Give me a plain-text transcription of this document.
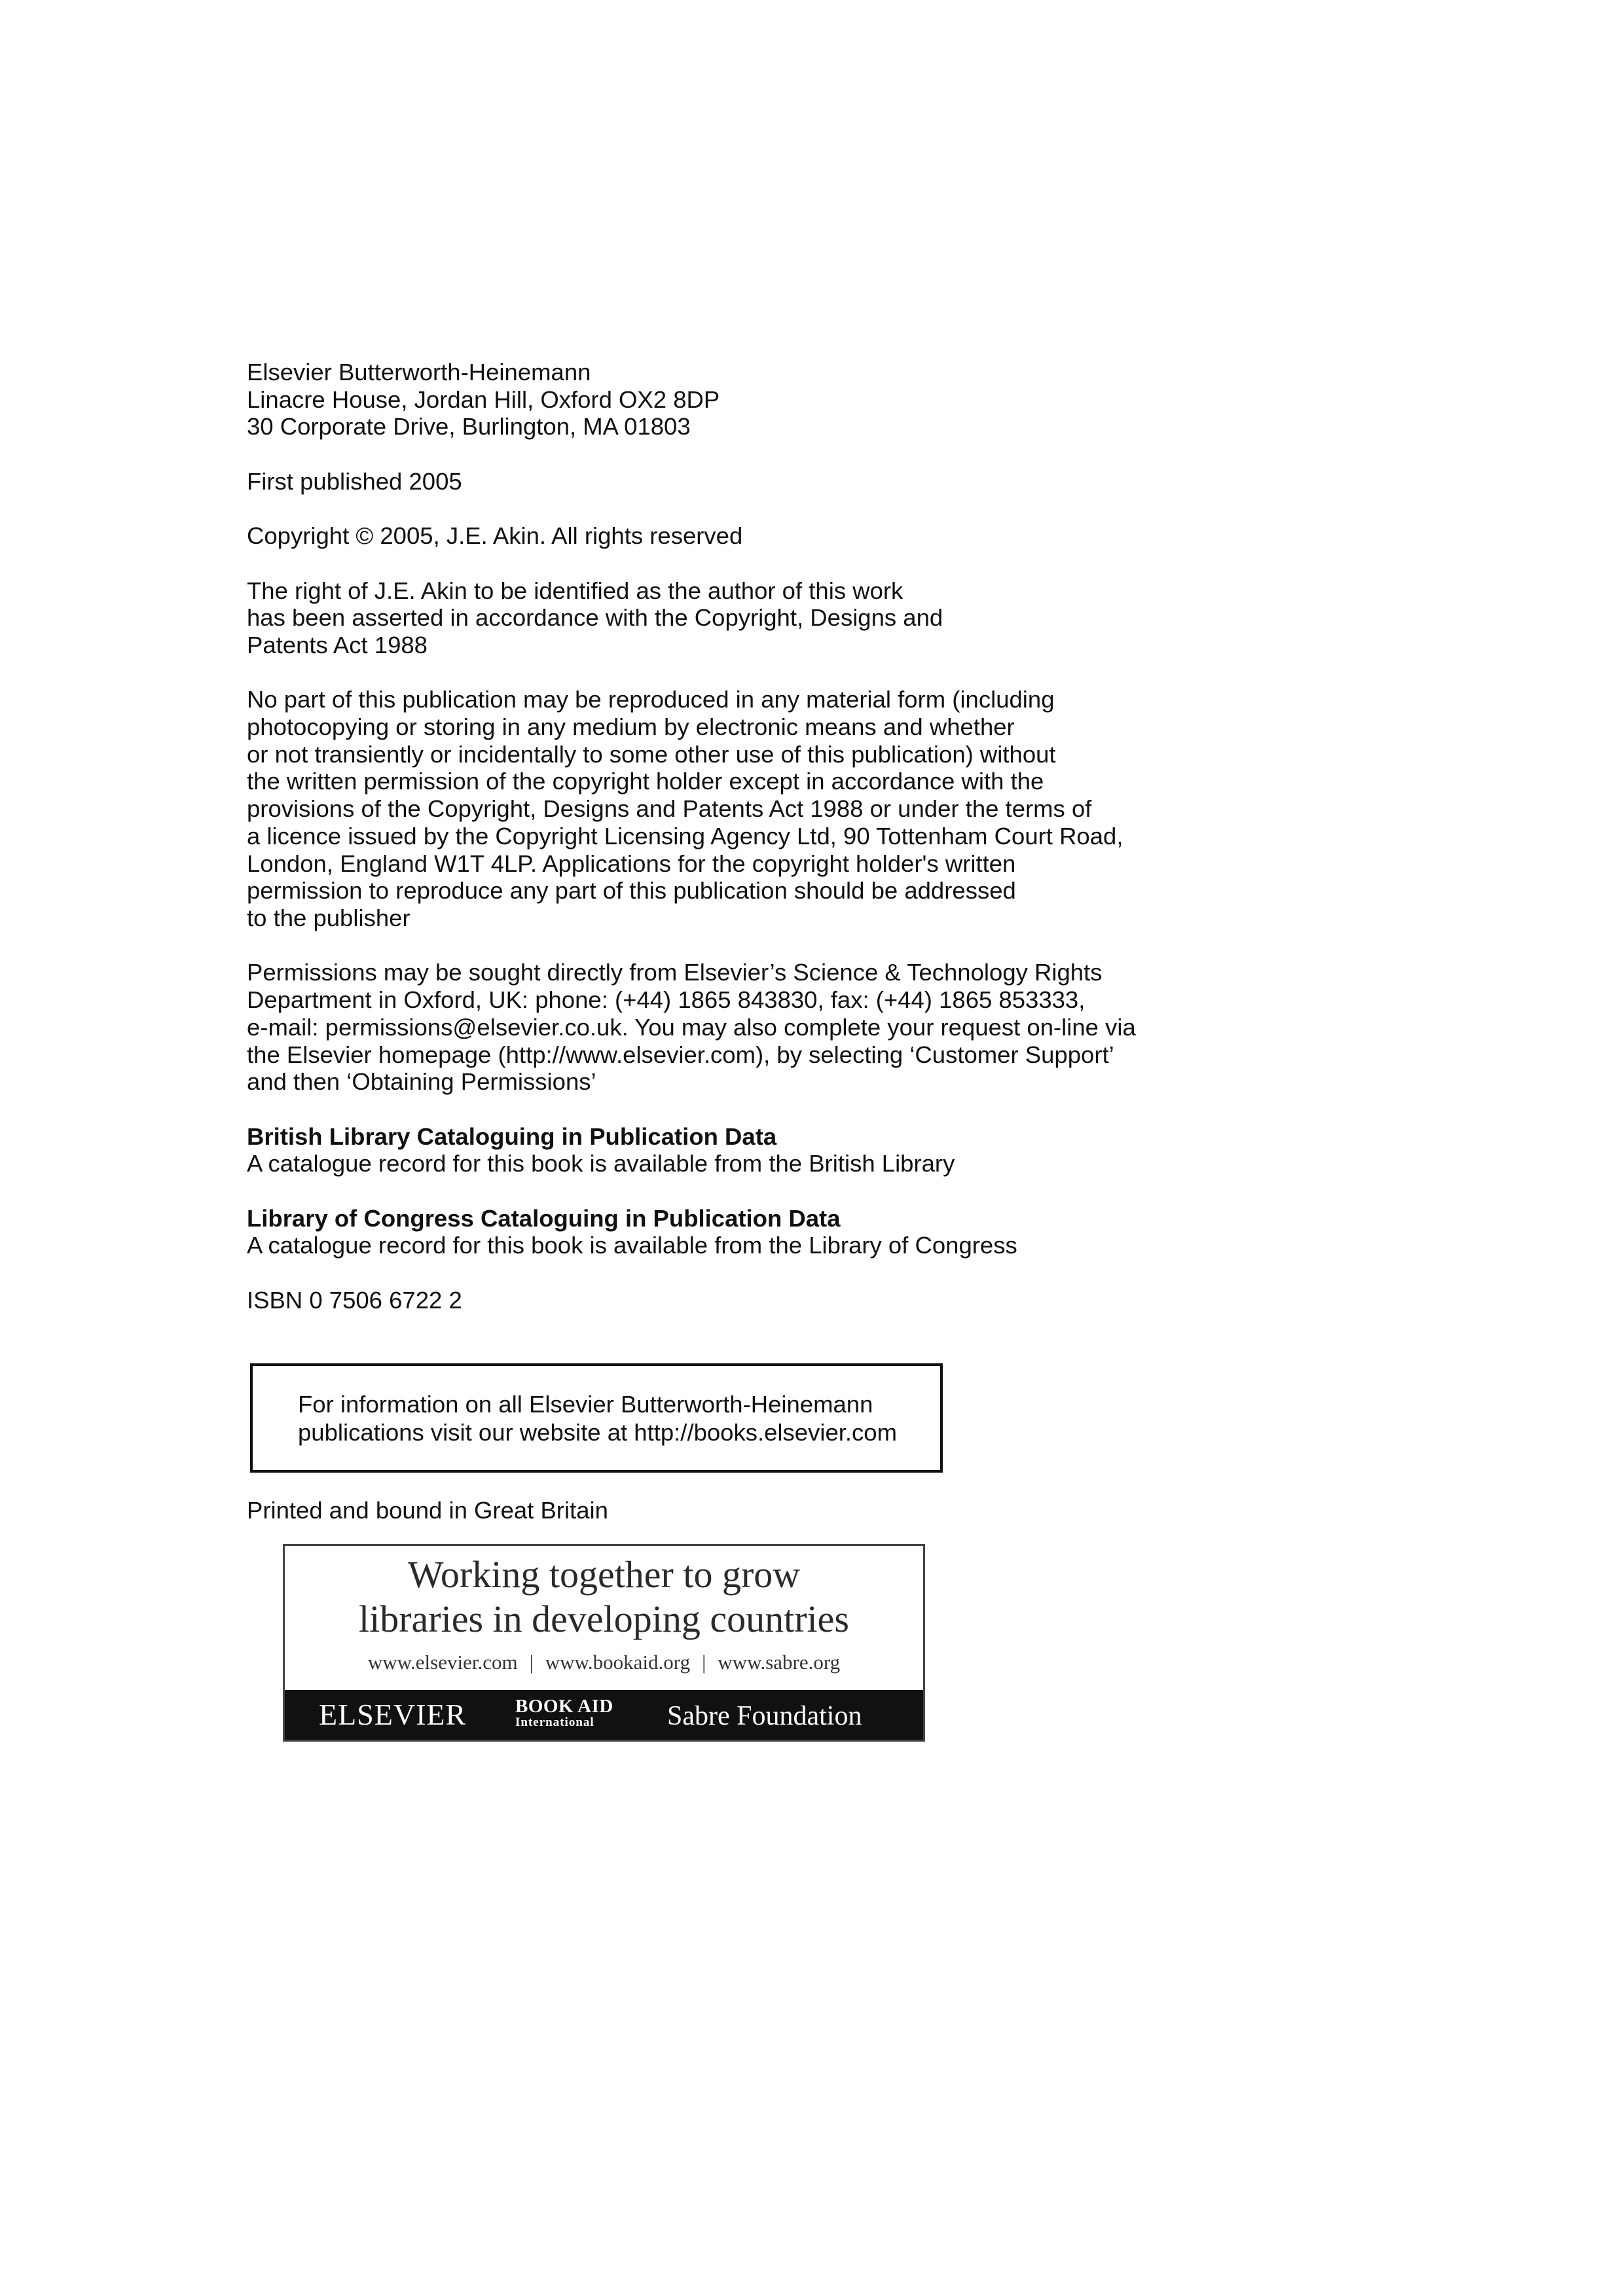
Elsevier Butterworth-Heinemann
Linacre House, Jordan Hill, Oxford OX2 8DP
30 Corporate Drive, Burlington, MA 01803
First published 2005
Copyright © 2005, J.E. Akin. All rights reserved
The right of J.E. Akin to be identified as the author of this work
has been asserted in accordance with the Copyright, Designs and
Patents Act 1988
No part of this publication may be reproduced in any material form (including
photocopying or storing in any medium by electronic means and whether
or not transiently or incidentally to some other use of this publication) without
the written permission of the copyright holder except in accordance with the
provisions of the Copyright, Designs and Patents Act 1988 or under the terms of
a licence issued by the Copyright Licensing Agency Ltd, 90 Tottenham Court Road,
London, England W1T 4LP. Applications for the copyright holder's written
permission to reproduce any part of this publication should be addressed
to the publisher
Permissions may be sought directly from Elsevier’s Science & Technology Rights
Department in Oxford, UK: phone: (+44) 1865 843830, fax: (+44) 1865 853333,
e-mail: permissions@elsevier.co.uk. You may also complete your request on-line via
the Elsevier homepage (http://www.elsevier.com), by selecting ‘Customer Support’
and then ‘Obtaining Permissions’
British Library Cataloguing in Publication Data
A catalogue record for this book is available from the British Library
Library of Congress Cataloguing in Publication Data
A catalogue record for this book is available from the Library of Congress
ISBN 0 7506 6722 2
For information on all Elsevier Butterworth-Heinemann
publications visit our website at http://books.elsevier.com
Printed and bound in Great Britain
Working together to grow
libraries in developing countries
www.elsevier.com | www.bookaid.org | www.sabre.org
ELSEVIER	BOOK AID
International	Sabre Foundation
